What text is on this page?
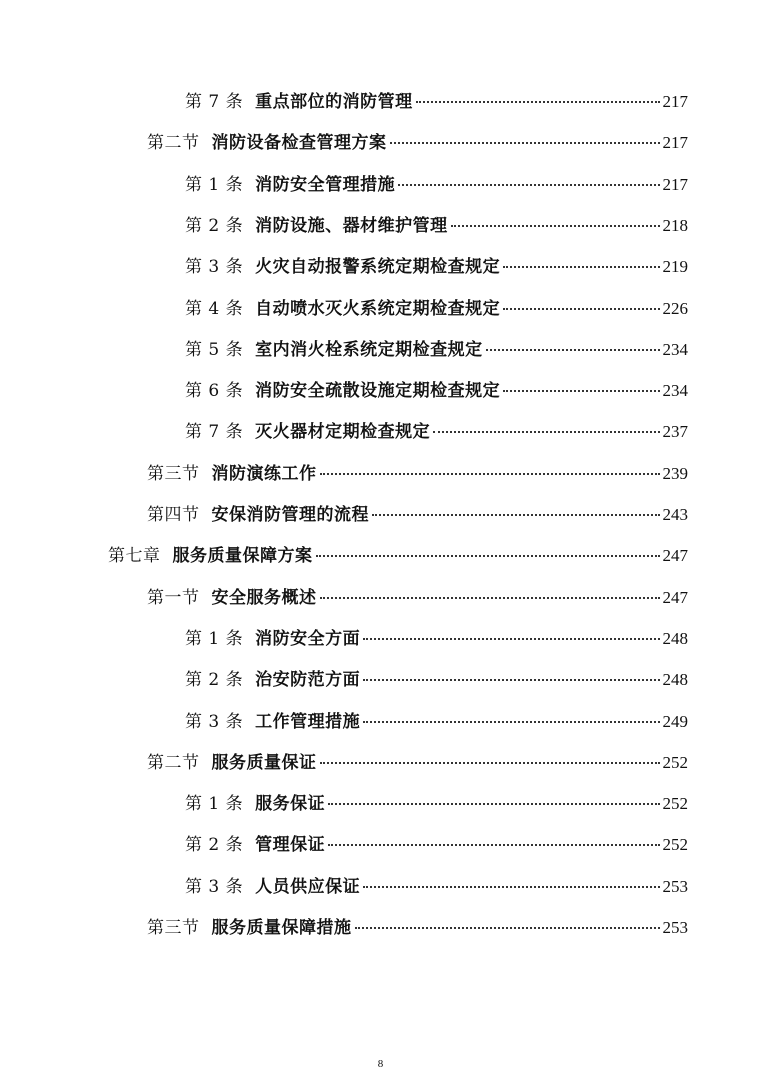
第 7 条 重点部位的消防管理	217
第二节 消防设备检查管理方案	217
第 1 条 消防安全管理措施	217
第 2 条 消防设施、器材维护管理	218
第 3 条 火灾自动报警系统定期检查规定	219
第 4 条 自动喷水灭火系统定期检查规定	226
第 5 条 室内消火栓系统定期检查规定	234
第 6 条 消防安全疏散设施定期检查规定	234
第 7 条 灭火器材定期检查规定	237
第三节 消防演练工作	239
第四节 安保消防管理的流程	243
第七章 服务质量保障方案	247
第一节 安全服务概述	247
第 1 条 消防安全方面	248
第 2 条 治安防范方面	248
第 3 条 工作管理措施	249
第二节 服务质量保证	252
第 1 条 服务保证	252
第 2 条 管理保证	252
第 3 条 人员供应保证	253
第三节 服务质量保障措施	253
8
